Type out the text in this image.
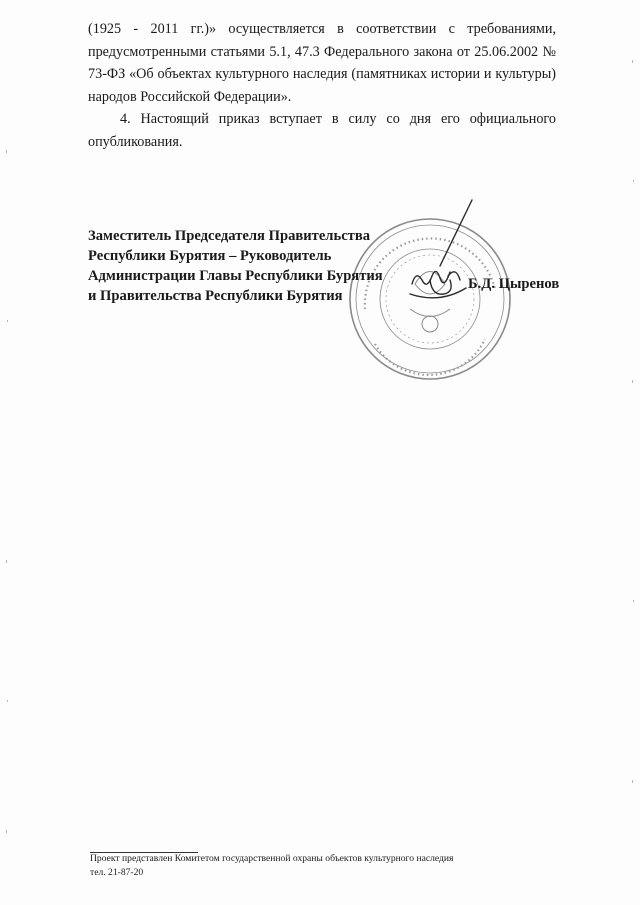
(1925 - 2011 гг.)» осуществляется в соответствии с требованиями, предусмотренными статьями 5.1, 47.3 Федерального закона от 25.06.2002 № 73-ФЗ «Об объектах культурного наследия (памятниках истории и культуры) народов Российской Федерации».
4. Настоящий приказ вступает в силу со дня его официального опубликования.
Заместитель Председателя Правительства
Республики Бурятия – Руководитель
Администрации Главы Республики Бурятия
и Правительства Республики Бурятия
Б.Д. Цыренов
Проект представлен Комитетом государственной охраны объектов культурного наследия
тел. 21-87-20
